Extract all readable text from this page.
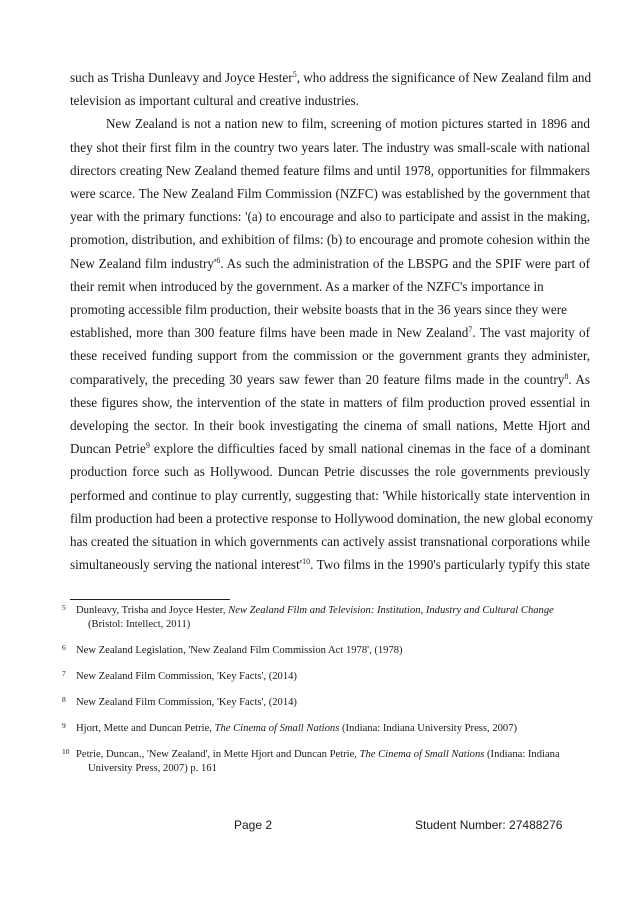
such as Trisha Dunleavy and Joyce Hester$^5$, who address the significance of New Zealand film and
television as important cultural and creative industries.
New Zealand is not a nation new to film, screening of motion pictures started in 1896 and
they shot their first film in the country two years later. The industry was small-scale with national
directors creating New Zealand themed feature films and until 1978, opportunities for filmmakers
were scarce. The New Zealand Film Commission (NZFC) was established by the government that
year with the primary functions: '(a) to encourage and also to participate and assist in the making,
promotion, distribution, and exhibition of films: (b) to encourage and promote cohesion within the
New Zealand film $industry'^6$. As such the administration of the LBSPG and the SPIF were part of
their remit when introduced by the government. As a marker of the NZFC's importance in
promoting accessible film production, their website boasts that in the 36 years since they were
established, more than 300 feature films have been made in New Zealand$^7$. The vast majority of
these received funding support from the commission or the government grants they administer,
comparatively, the preceding 30 years saw fewer than 20 feature films made in the country$^8$. As
these figures show, the intervention of the state in matters of film production proved essential in
developing the sector. In their book investigating the cinema of small nations, Mette Hjort and
Duncan Petrie$^9$ explore the difficulties faced by small national cinemas in the face of a dominant
production force such as Hollywood. Duncan Petrie discusses the role governments previously
performed and continue to play currently, suggesting that: 'While historically state intervention in
film production had been a protective response to Hollywood domination, the new global economy
has created the situation in which governments can actively assist transnational corporations while
simultaneously serving the national $interest'^{10}$. Two films in the 1990's particularly typify this state
5 Dunleavy, Trisha and Joyce Hester, New Zealand Film and Television: Institution, Industry and Cultural Change
(Bristol: Intellect, 2011)
6 New Zealand Legislation, 'New Zealand Film Commission Act 1978', (1978)
7 New Zealand Film Commission, 'Key Facts', (2014)
8 New Zealand Film Commission, 'Key Facts', (2014)
9 Hjort, Mette and Duncan Petrie, The Cinema of Small Nations (Indiana: Indiana University Press, 2007)
10 Petrie, Duncan., 'New Zealand', in Mette Hjort and Duncan Petrie, The Cinema of Small Nations (Indiana: Indiana
University Press, 2007) p. 161
Page 2	Student Number: 27488276
